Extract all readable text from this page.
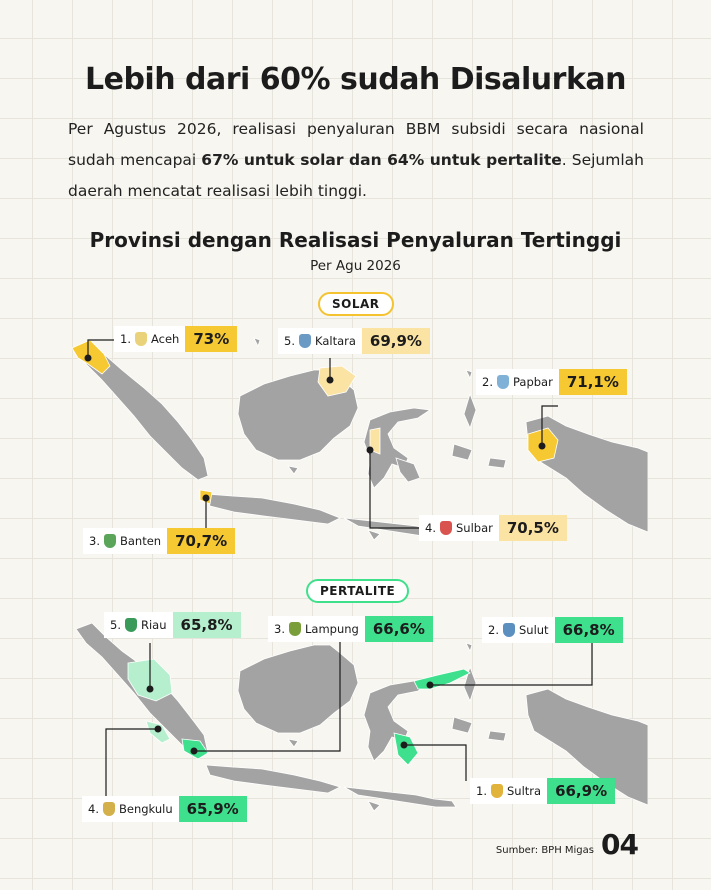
Lebih dari 60% sudah Disalurkan
Per Agustus 2026, realisasi penyaluran BBM subsidi secara nasional sudah mencapai 67% untuk solar dan 64% untuk pertalite. Sejumlah daerah mencatat realisasi lebih tinggi.
Provinsi dengan Realisasi Penyaluran Tertinggi
Per Agu 2026
SOLAR
PERTALITE
1. Aceh 73%	5. Kaltara 69,9%
2. Papbar 71,1%
3. Banten 70,7%
4. Sulbar 70,5%
5. Riau 65,8%	3. Lampung 66,6%	2. Sulut 66,8%
4. Bengkulu 65,9%
1. Sultra 66,9%
Sumber: BPH Migas 04
